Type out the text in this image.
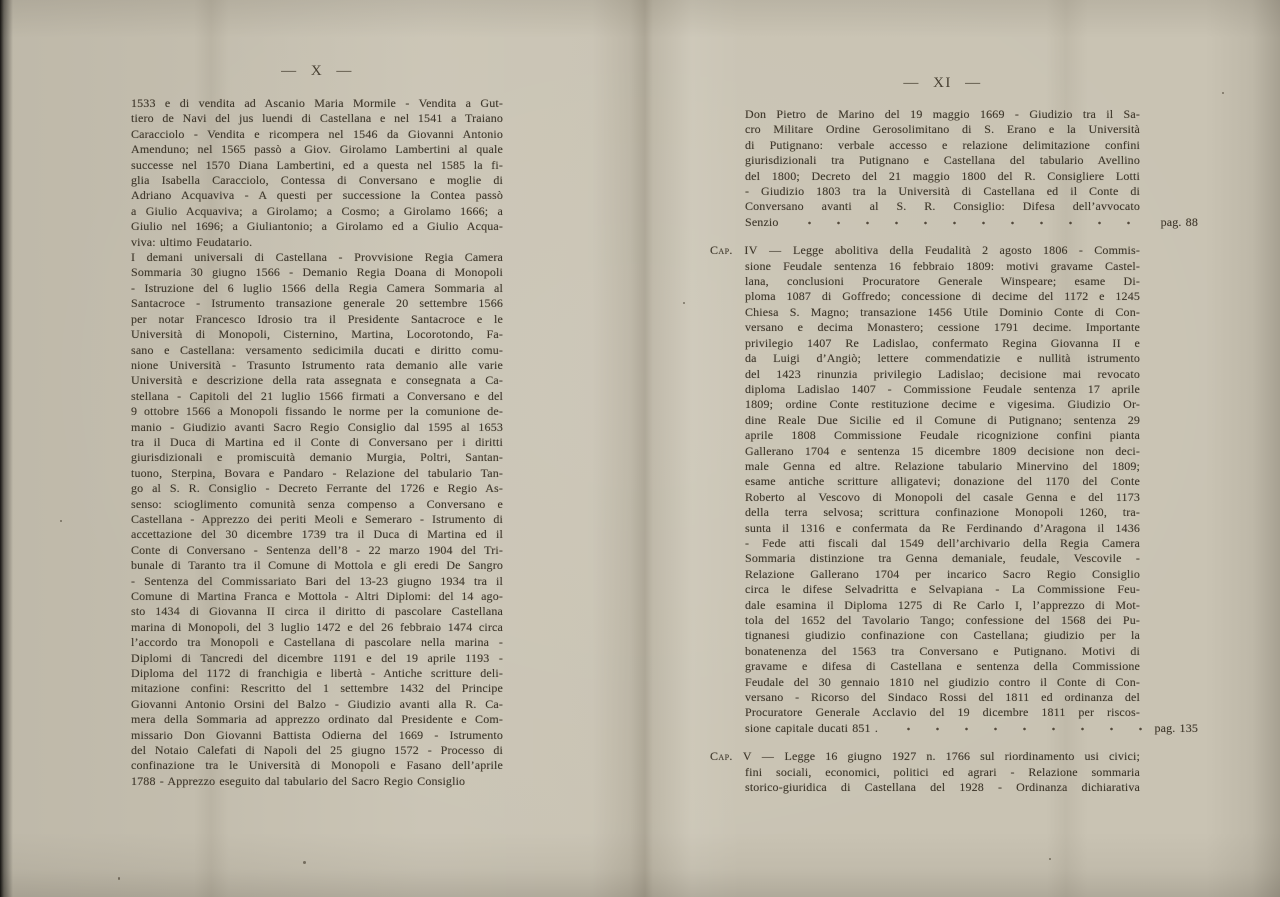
— X —
1533 e di vendita ad Ascanio Maria Mormile - Vendita a Gut-
tiero de Navi del jus luendi di Castellana e nel 1541 a Traiano
Caracciolo - Vendita e ricompera nel 1546 da Giovanni Antonio
Amenduno; nel 1565 passò a Giov. Girolamo Lambertini al quale
successe nel 1570 Diana Lambertini, ed a questa nel 1585 la fi-
glia Isabella Caracciolo, Contessa di Conversano e moglie di
Adriano Acquaviva - A questi per successione la Contea passò
a Giulio Acquaviva; a Girolamo; a Cosmo; a Girolamo 1666; a
Giulio nel 1696; a Giuliantonio; a Girolamo ed a Giulio Acqua-
viva: ultimo Feudatario.
I demani universali di Castellana - Provvisione Regia Camera
Sommaria 30 giugno 1566 - Demanio Regia Doana di Monopoli
- Istruzione del 6 luglio 1566 della Regia Camera Sommaria al
Santacroce - Istrumento transazione generale 20 settembre 1566
per notar Francesco Idrosio tra il Presidente Santacroce e le
Università di Monopoli, Cisternino, Martina, Locorotondo, Fa-
sano e Castellana: versamento sedicimila ducati e diritto comu-
nione Università - Trasunto Istrumento rata demanio alle varie
Università e descrizione della rata assegnata e consegnata a Ca-
stellana - Capitoli del 21 luglio 1566 firmati a Conversano e del
9 ottobre 1566 a Monopoli fissando le norme per la comunione de-
manio - Giudizio avanti Sacro Regio Consiglio dal 1595 al 1653
tra il Duca di Martina ed il Conte di Conversano per i diritti
giurisdizionali e promiscuità demanio Murgia, Poltri, Santan-
tuono, Sterpina, Bovara e Pandaro - Relazione del tabulario Tan-
go al S. R. Consiglio - Decreto Ferrante del 1726 e Regio As-
senso: scioglimento comunità senza compenso a Conversano e
Castellana - Apprezzo dei periti Meoli e Semeraro - Istrumento di
accettazione del 30 dicembre 1739 tra il Duca di Martina ed il
Conte di Conversano - Sentenza dell’8 - 22 marzo 1904 del Tri-
bunale di Taranto tra il Comune di Mottola e gli eredi De Sangro
- Sentenza del Commissariato Bari del 13-23 giugno 1934 tra il
Comune di Martina Franca e Mottola - Altri Diplomi: del 14 ago-
sto 1434 di Giovanna II circa il diritto di pascolare Castellana
marina di Monopoli, del 3 luglio 1472 e del 26 febbraio 1474 circa
l’accordo tra Monopoli e Castellana di pascolare nella marina -
Diplomi di Tancredi del dicembre 1191 e del 19 aprile 1193 -
Diploma del 1172 di franchigia e libertà - Antiche scritture deli-
mitazione confini: Rescritto del 1 settembre 1432 del Principe
Giovanni Antonio Orsini del Balzo - Giudizio avanti alla R. Ca-
mera della Sommaria ad apprezzo ordinato dal Presidente e Com-
missario Don Giovanni Battista Odierna del 1669 - Istrumento
del Notaio Calefati di Napoli del 25 giugno 1572 - Processo di
confinazione tra le Università di Monopoli e Fasano dell’aprile
1788 - Apprezzo eseguito dal tabulario del Sacro Regio Consiglio
— XI —
Don Pietro de Marino del 19 maggio 1669 - Giudizio tra il Sa-
cro Militare Ordine Gerosolimitano di S. Erano e la Università
di Putignano: verbale accesso e relazione delimitazione confini
giurisdizionali tra Putignano e Castellana del tabulario Avellino
del 1800; Decreto del 21 maggio 1800 del R. Consigliere Lotti
- Giudizio 1803 tra la Università di Castellana ed il Conte di
Conversano avanti al S. R. Consiglio: Difesa dell’avvocato
Senzio	pag. 88
Cap. IV — Legge abolitiva della Feudalità 2 agosto 1806 - Commis-
sione Feudale sentenza 16 febbraio 1809: motivi gravame Castel-
lana, conclusioni Procuratore Generale Winspeare; esame Di-
ploma 1087 di Goffredo; concessione di decime del 1172 e 1245
Chiesa S. Magno; transazione 1456 Utile Dominio Conte di Con-
versano e decima Monastero; cessione 1791 decime. Importante
privilegio 1407 Re Ladislao, confermato Regina Giovanna II e
da Luigi d’Angiò; lettere commendatizie e nullità istrumento
del 1423 rinunzia privilegio Ladislao; decisione mai revocato
diploma Ladislao 1407 - Commissione Feudale sentenza 17 aprile
1809; ordine Conte restituzione decime e vigesima. Giudizio Or-
dine Reale Due Sicilie ed il Comune di Putignano; sentenza 29
aprile 1808 Commissione Feudale ricognizione confini pianta
Gallerano 1704 e sentenza 15 dicembre 1809 decisione non deci-
male Genna ed altre. Relazione tabulario Minervino del 1809;
esame antiche scritture alligatevi; donazione del 1170 del Conte
Roberto al Vescovo di Monopoli del casale Genna e del 1173
della terra selvosa; scrittura confinazione Monopoli 1260, tra-
sunta il 1316 e confermata da Re Ferdinando d’Aragona il 1436
- Fede atti fiscali dal 1549 dell’archivario della Regia Camera
Sommaria distinzione tra Genna demaniale, feudale, Vescovile -
Relazione Gallerano 1704 per incarico Sacro Regio Consiglio
circa le difese Selvadritta e Selvapiana - La Commissione Feu-
dale esamina il Diploma 1275 di Re Carlo I, l’apprezzo di Mot-
tola del 1652 del Tavolario Tango; confessione del 1568 dei Pu-
tignanesi giudizio confinazione con Castellana; giudizio per la
bonatenenza del 1563 tra Conversano e Putignano. Motivi di
gravame e difesa di Castellana e sentenza della Commissione
Feudale del 30 gennaio 1810 nel giudizio contro il Conte di Con-
versano - Ricorso del Sindaco Rossi del 1811 ed ordinanza del
Procuratore Generale Acclavio del 19 dicembre 1811 per riscos-
sione capitale ducati 851 .	pag. 135
Cap. V — Legge 16 giugno 1927 n. 1766 sul riordinamento usi civici;
fini sociali, economici, politici ed agrari - Relazione sommaria
storico-giuridica di Castellana del 1928 - Ordinanza dichiarativa
